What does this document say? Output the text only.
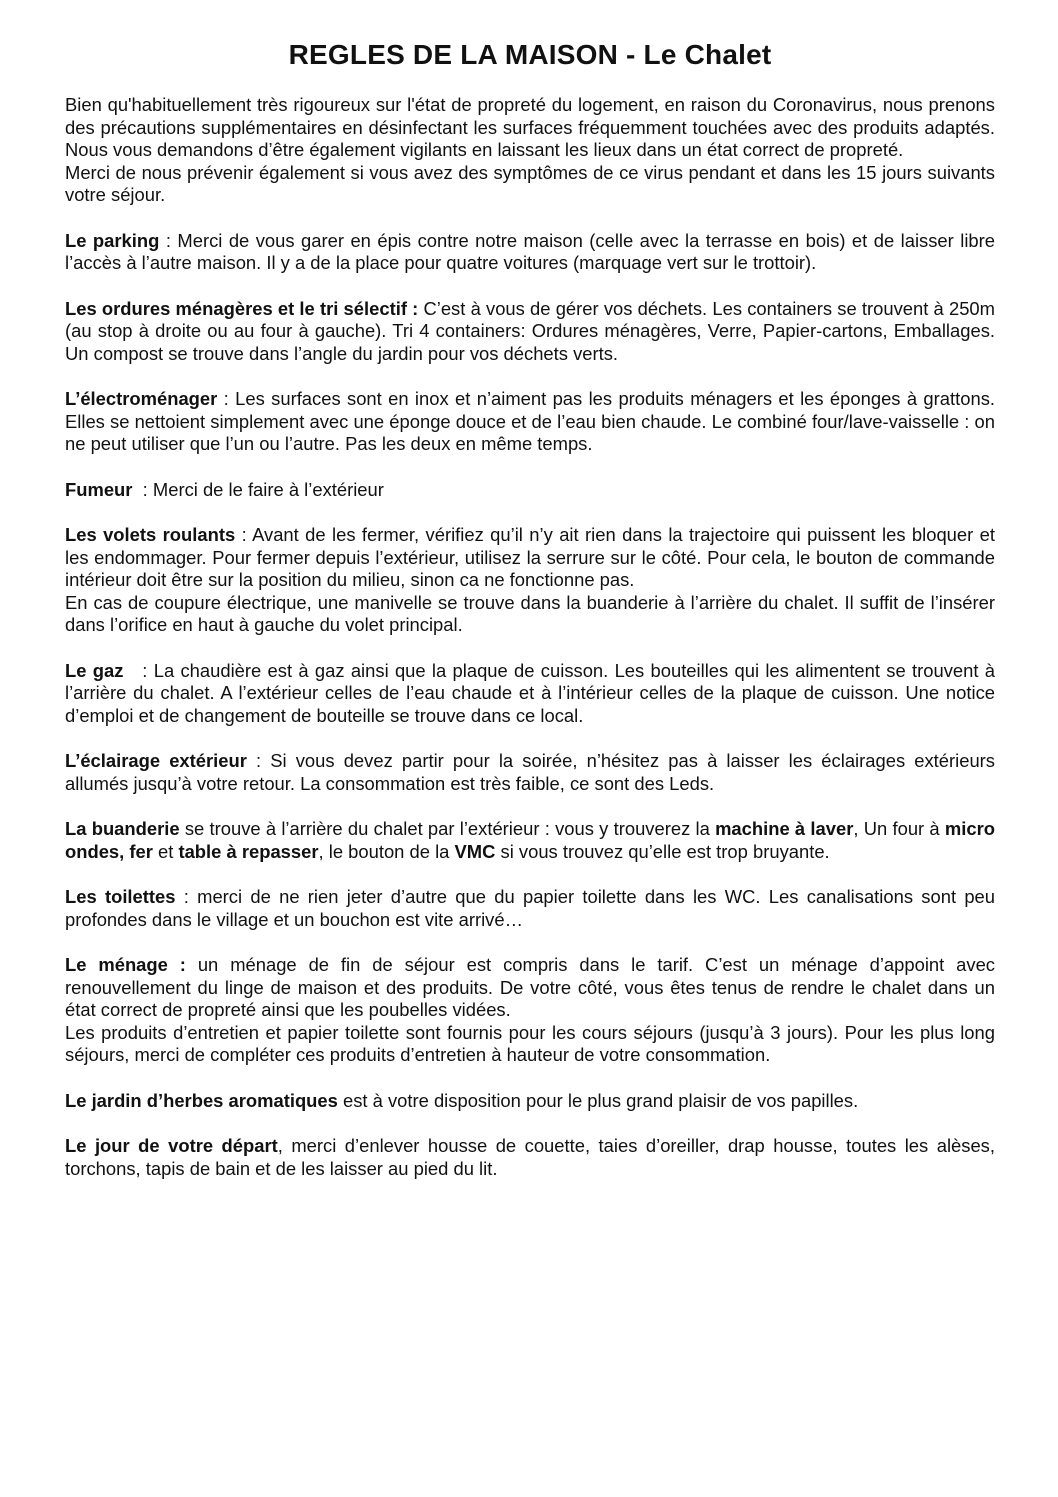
REGLES DE LA MAISON - Le Chalet

Bien qu'habituellement très rigoureux sur l'état de propreté du logement, en raison du Coronavirus, nous prenons des précautions supplémentaires en désinfectant les surfaces fréquemment touchées avec des produits adaptés. Nous vous demandons d’être également vigilants en laissant les lieux dans un état correct de propreté.

Merci de nous prévenir également si vous avez des symptômes de ce virus pendant et dans les 15 jours suivants votre séjour.

Le parking : Merci de vous garer en épis contre notre maison (celle avec la terrasse en bois) et de laisser libre l’accès à l’autre maison. Il y a de la place pour quatre voitures (marquage vert sur le trottoir).

Les ordures ménagères et le tri sélectif : C’est à vous de gérer vos déchets. Les containers se trouvent à 250m (au stop à droite ou au four à gauche). Tri 4 containers: Ordures ménagères, Verre, Papier-cartons, Emballages. Un compost se trouve dans l’angle du jardin pour vos déchets verts.

L’électroménager : Les surfaces sont en inox et n’aiment pas les produits ménagers et les éponges à grattons. Elles se nettoient simplement avec une éponge douce et de l’eau bien chaude. Le combiné four/lave-vaisselle : on ne peut utiliser que l’un ou l’autre. Pas les deux en même temps.

Fumeur  : Merci de le faire à l’extérieur

Les volets roulants : Avant de les fermer, vérifiez qu’il n’y ait rien dans la trajectoire qui puissent les bloquer et les endommager. Pour fermer depuis l’extérieur, utilisez la serrure sur le côté. Pour cela, le bouton de commande intérieur doit être sur la position du milieu, sinon ca ne fonctionne pas.

En cas de coupure électrique, une manivelle se trouve dans la buanderie à l’arrière du chalet. Il suffit de l’insérer dans l’orifice en haut à gauche du volet principal.

Le gaz   : La chaudière est à gaz ainsi que la plaque de cuisson. Les bouteilles qui les alimentent se trouvent à l’arrière du chalet. A l’extérieur celles de l’eau chaude et à l’intérieur celles de la plaque de cuisson. Une notice d’emploi et de changement de bouteille se trouve dans ce local.

L’éclairage extérieur : Si vous devez partir pour la soirée, n’hésitez pas à laisser les éclairages extérieurs allumés jusqu’à votre retour. La consommation est très faible, ce sont des Leds.

La buanderie se trouve à l’arrière du chalet par l’extérieur : vous y trouverez la machine à laver, Un four à micro ondes, fer et table à repasser, le bouton de la VMC si vous trouvez qu’elle est trop bruyante.

Les toilettes : merci de ne rien jeter d’autre que du papier toilette dans les WC. Les canalisations sont peu profondes dans le village et un bouchon est vite arrivé…

Le ménage : un ménage de fin de séjour est compris dans le tarif. C’est un ménage d’appoint avec renouvellement du linge de maison et des produits. De votre côté, vous êtes tenus de rendre le chalet dans un état correct de propreté ainsi que les poubelles vidées.

Les produits d’entretien et papier toilette sont fournis pour les cours séjours (jusqu’à 3 jours). Pour les plus long séjours, merci de compléter ces produits d’entretien à hauteur de votre consommation.

Le jardin d’herbes aromatiques est à votre disposition pour le plus grand plaisir de vos papilles.

Le jour de votre départ, merci d’enlever housse de couette, taies d’oreiller, drap housse, toutes les alèses, torchons, tapis de bain et de les laisser au pied du lit.
